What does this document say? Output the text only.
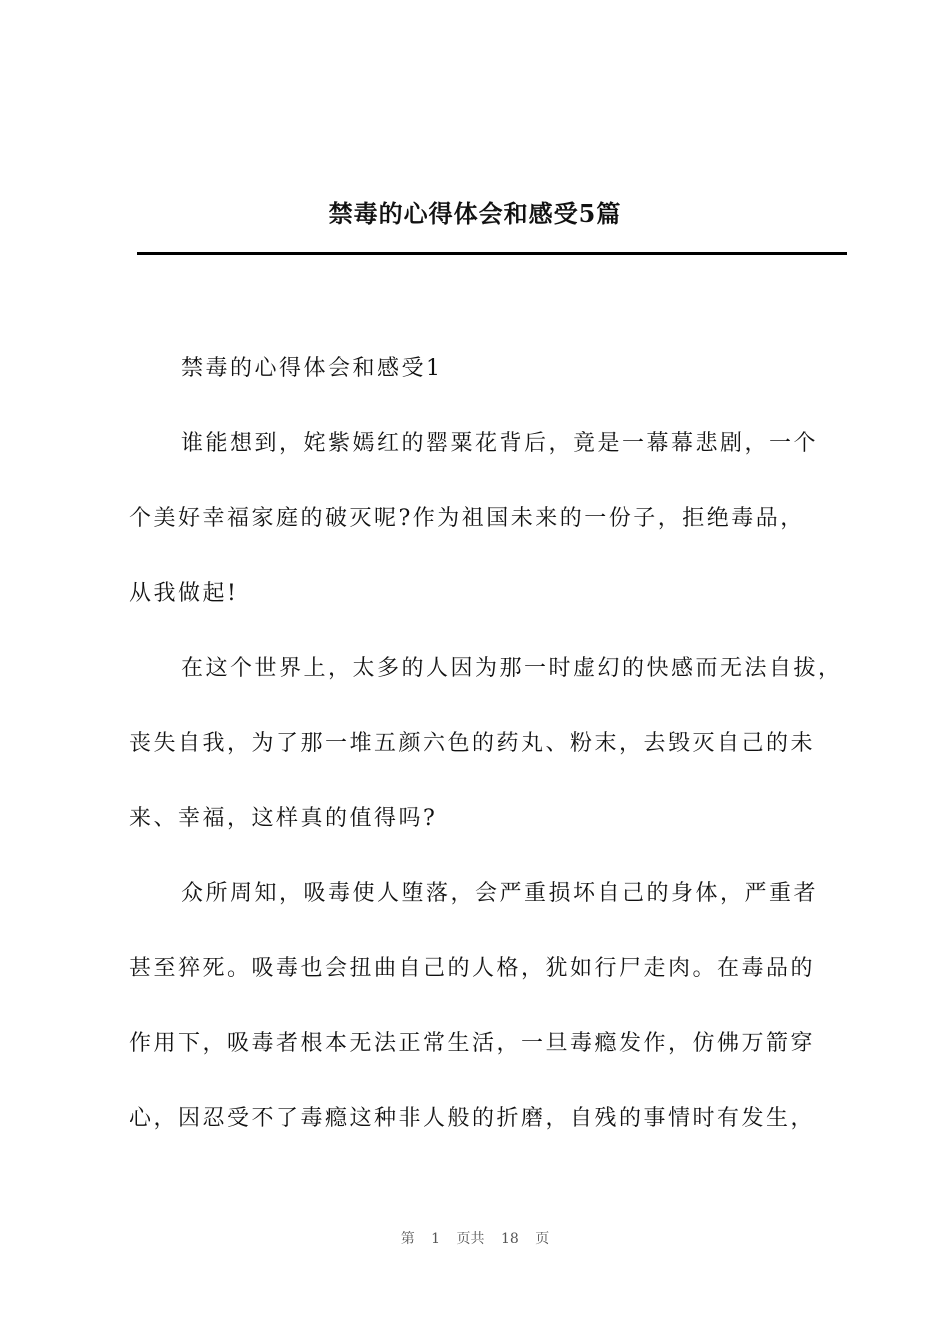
禁毒的心得体会和感受5篇
禁毒的心得体会和感受1
谁能想到，姹紫嫣红的罂粟花背后，竟是一幕幕悲剧，一个
个美好幸福家庭的破灭呢?作为祖国未来的一份子，拒绝毒品，
从我做起!
在这个世界上，太多的人因为那一时虚幻的快感而无法自拔，
丧失自我，为了那一堆五颜六色的药丸、粉末，去毁灭自己的未
来、幸福，这样真的值得吗?
众所周知，吸毒使人堕落，会严重损坏自己的身体，严重者
甚至猝死。吸毒也会扭曲自己的人格，犹如行尸走肉。在毒品的
作用下，吸毒者根本无法正常生活，一旦毒瘾发作，仿佛万箭穿
心，因忍受不了毒瘾这种非人般的折磨，自残的事情时有发生，
第 1 页共 18 页
